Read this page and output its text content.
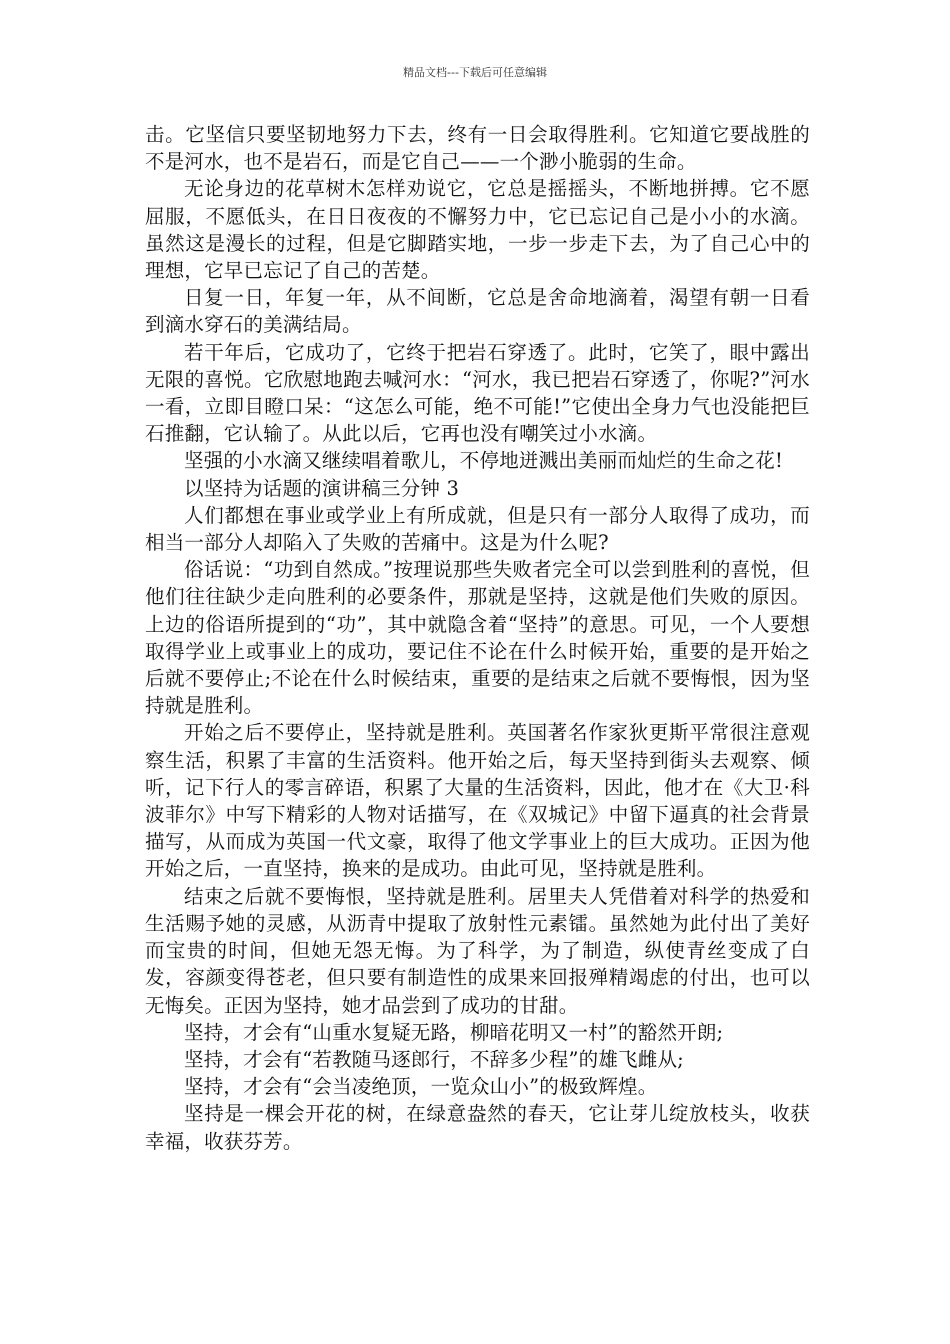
精品文档---下载后可任意编辑

击。它坚信只要坚韧地努力下去，终有一日会取得胜利。它知道它要战胜的不是河水，也不是岩石，而是它自己——一个渺小脆弱的生命。

无论身边的花草树木怎样劝说它，它总是摇摇头，不断地拼搏。它不愿屈服，不愿低头，在日日夜夜的不懈努力中，它已忘记自己是小小的水滴。虽然这是漫长的过程，但是它脚踏实地，一步一步走下去，为了自己心中的理想，它早已忘记了自己的苦楚。

日复一日，年复一年，从不间断，它总是舍命地滴着，渴望有朝一日看到滴水穿石的美满结局。

若干年后，它成功了，它终于把岩石穿透了。此时，它笑了，眼中露出无限的喜悦。它欣慰地跑去喊河水：“河水，我已把岩石穿透了，你呢?”河水一看，立即目瞪口呆：“这怎么可能，绝不可能!”它使出全身力气也没能把巨石推翻，它认输了。从此以后，它再也没有嘲笑过小水滴。

坚强的小水滴又继续唱着歌儿，不停地迸溅出美丽而灿烂的生命之花!

以坚持为话题的演讲稿三分钟 3

人们都想在事业或学业上有所成就，但是只有一部分人取得了成功，而相当一部分人却陷入了失败的苦痛中。这是为什么呢?

俗话说：“功到自然成。”按理说那些失败者完全可以尝到胜利的喜悦，但他们往往缺少走向胜利的必要条件，那就是坚持，这就是他们失败的原因。上边的俗语所提到的“功”，其中就隐含着“坚持”的意思。可见，一个人要想取得学业上或事业上的成功，要记住不论在什么时候开始，重要的是开始之后就不要停止;不论在什么时候结束，重要的是结束之后就不要悔恨，因为坚持就是胜利。

开始之后不要停止，坚持就是胜利。英国著名作家狄更斯平常很注意观察生活，积累了丰富的生活资料。他开始之后，每天坚持到街头去观察、倾听，记下行人的零言碎语，积累了大量的生活资料，因此，他才在《大卫·科波菲尔》中写下精彩的人物对话描写，在《双城记》中留下逼真的社会背景描写，从而成为英国一代文豪，取得了他文学事业上的巨大成功。正因为他开始之后，一直坚持，换来的是成功。由此可见，坚持就是胜利。

结束之后就不要悔恨，坚持就是胜利。居里夫人凭借着对科学的热爱和生活赐予她的灵感，从沥青中提取了放射性元素镭。虽然她为此付出了美好而宝贵的时间，但她无怨无悔。为了科学，为了制造，纵使青丝变成了白发，容颜变得苍老，但只要有制造性的成果来回报殚精竭虑的付出，也可以无悔矣。正因为坚持，她才品尝到了成功的甘甜。

坚持，才会有“山重水复疑无路，柳暗花明又一村”的豁然开朗;

坚持，才会有“若教随马逐郎行，不辞多少程”的雄飞雌从;

坚持，才会有“会当凌绝顶，一览众山小”的极致辉煌。

坚持是一棵会开花的树，在绿意盎然的春天，它让芽儿绽放枝头，收获幸福，收获芬芳。
